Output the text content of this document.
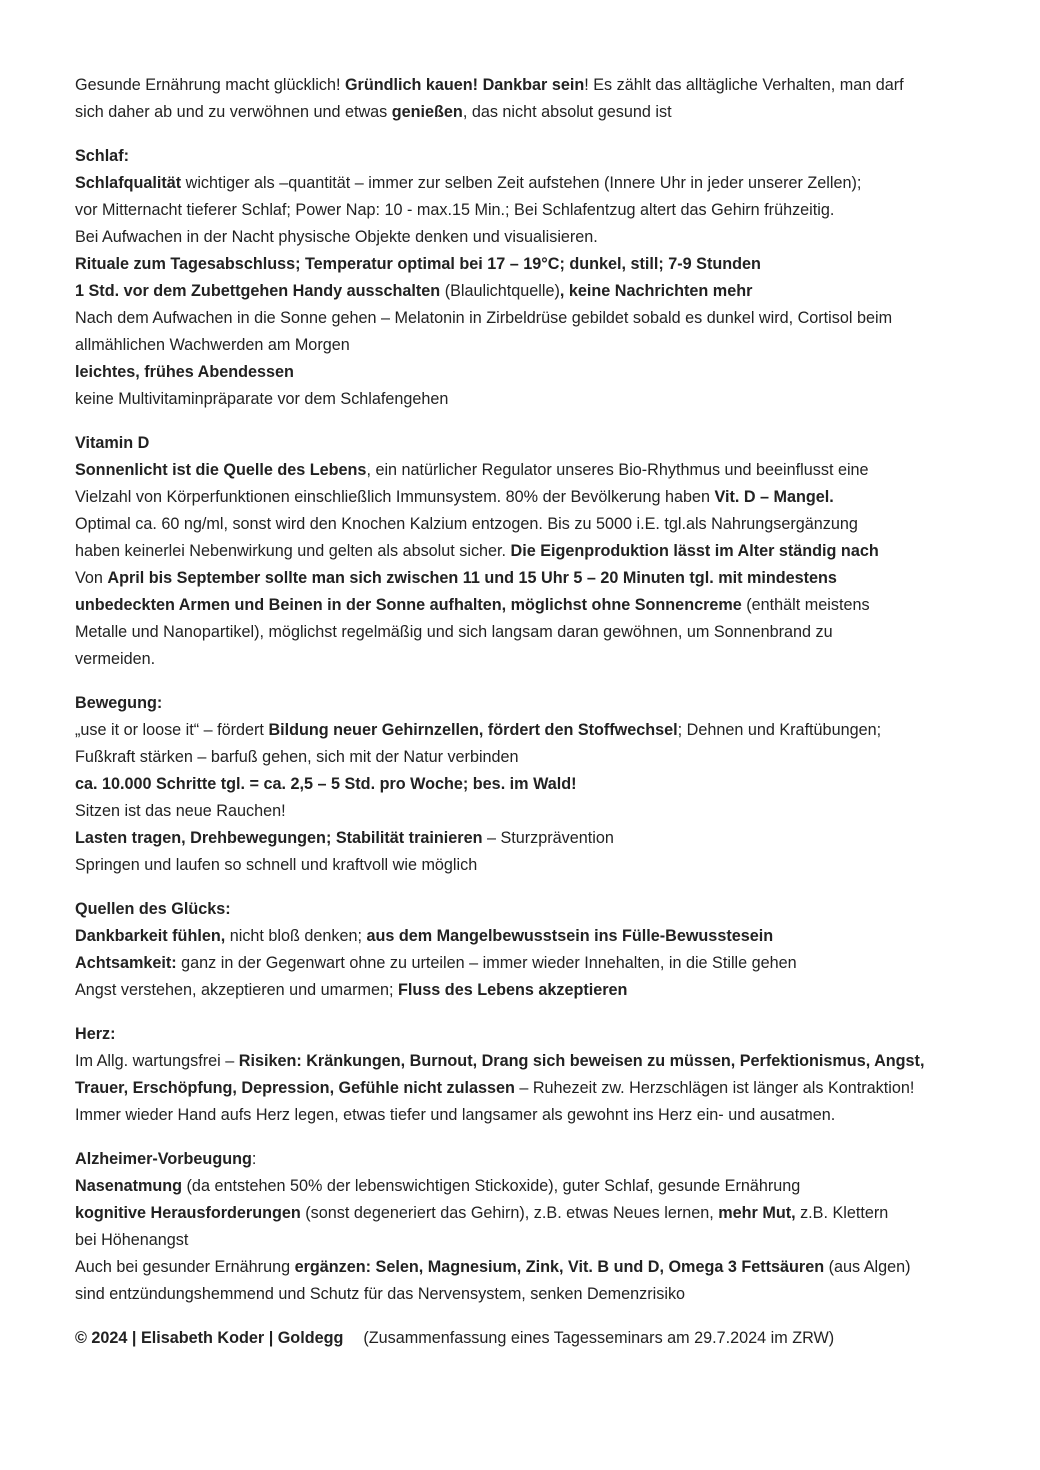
Gesunde Ernährung macht glücklich! Gründlich kauen! Dankbar sein! Es zählt das alltägliche Verhalten, man darf
sich daher ab und zu verwöhnen und etwas genießen, das nicht absolut gesund ist
Schlaf:
Schlafqualität wichtiger als –quantität – immer zur selben Zeit aufstehen (Innere Uhr in jeder unserer Zellen);
vor Mitternacht tieferer Schlaf; Power Nap: 10 - max.15 Min.; Bei Schlafentzug altert das Gehirn frühzeitig.
Bei Aufwachen in der Nacht physische Objekte denken und visualisieren.
Rituale zum Tagesabschluss; Temperatur optimal bei 17 – 19°C; dunkel, still; 7-9 Stunden
1 Std. vor dem Zubettgehen Handy ausschalten (Blaulichtquelle), keine Nachrichten mehr
Nach dem Aufwachen in die Sonne gehen – Melatonin in Zirbeldrüse gebildet sobald es dunkel wird, Cortisol beim
allmählichen Wachwerden am Morgen
leichtes, frühes Abendessen
keine Multivitaminpräparate vor dem Schlafengehen
Vitamin D
Sonnenlicht ist die Quelle des Lebens, ein natürlicher Regulator unseres Bio-Rhythmus und beeinflusst eine
Vielzahl von Körperfunktionen einschließlich Immunsystem. 80% der Bevölkerung haben Vit. D – Mangel.
Optimal ca. 60 ng/ml, sonst wird den Knochen Kalzium entzogen. Bis zu 5000 i.E. tgl.als Nahrungsergänzung
haben keinerlei Nebenwirkung und gelten als absolut sicher. Die Eigenproduktion lässt im Alter ständig nach
Von April bis September sollte man sich zwischen 11 und 15 Uhr 5 – 20 Minuten tgl. mit mindestens
unbedeckten Armen und Beinen in der Sonne aufhalten, möglichst ohne Sonnencreme (enthält meistens
Metalle und Nanopartikel), möglichst regelmäßig und sich langsam daran gewöhnen, um Sonnenbrand zu
vermeiden.
Bewegung:
„use it or loose it“ – fördert Bildung neuer Gehirnzellen, fördert den Stoffwechsel; Dehnen und Kraftübungen;
Fußkraft stärken – barfuß gehen, sich mit der Natur verbinden
ca. 10.000 Schritte tgl. = ca. 2,5 – 5 Std. pro Woche; bes. im Wald!
Sitzen ist das neue Rauchen!
Lasten tragen, Drehbewegungen; Stabilität trainieren – Sturzprävention
Springen und laufen so schnell und kraftvoll wie möglich
Quellen des Glücks:
Dankbarkeit fühlen, nicht bloß denken; aus dem Mangelbewusstsein ins Fülle-Bewusstesein
Achtsamkeit: ganz in der Gegenwart ohne zu urteilen – immer wieder Innehalten, in die Stille gehen
Angst verstehen, akzeptieren und umarmen; Fluss des Lebens akzeptieren
Herz:
Im Allg. wartungsfrei – Risiken: Kränkungen, Burnout, Drang sich beweisen zu müssen, Perfektionismus, Angst,
Trauer, Erschöpfung, Depression, Gefühle nicht zulassen – Ruhezeit zw. Herzschlägen ist länger als Kontraktion!
Immer wieder Hand aufs Herz legen, etwas tiefer und langsamer als gewohnt ins Herz ein- und ausatmen.
Alzheimer-Vorbeugung:
Nasenatmung (da entstehen 50% der lebenswichtigen Stickoxide), guter Schlaf, gesunde Ernährung
kognitive Herausforderungen (sonst degeneriert das Gehirn), z.B. etwas Neues lernen, mehr Mut, z.B. Klettern
bei Höhenangst
Auch bei gesunder Ernährung ergänzen: Selen, Magnesium, Zink, Vit. B und D, Omega 3 Fettsäuren (aus Algen)
sind entzündungshemmend und Schutz für das Nervensystem, senken Demenzrisiko
© 2024 | Elisabeth Koder | Goldegg (Zusammenfassung eines Tagesseminars am 29.7.2024 im ZRW)
